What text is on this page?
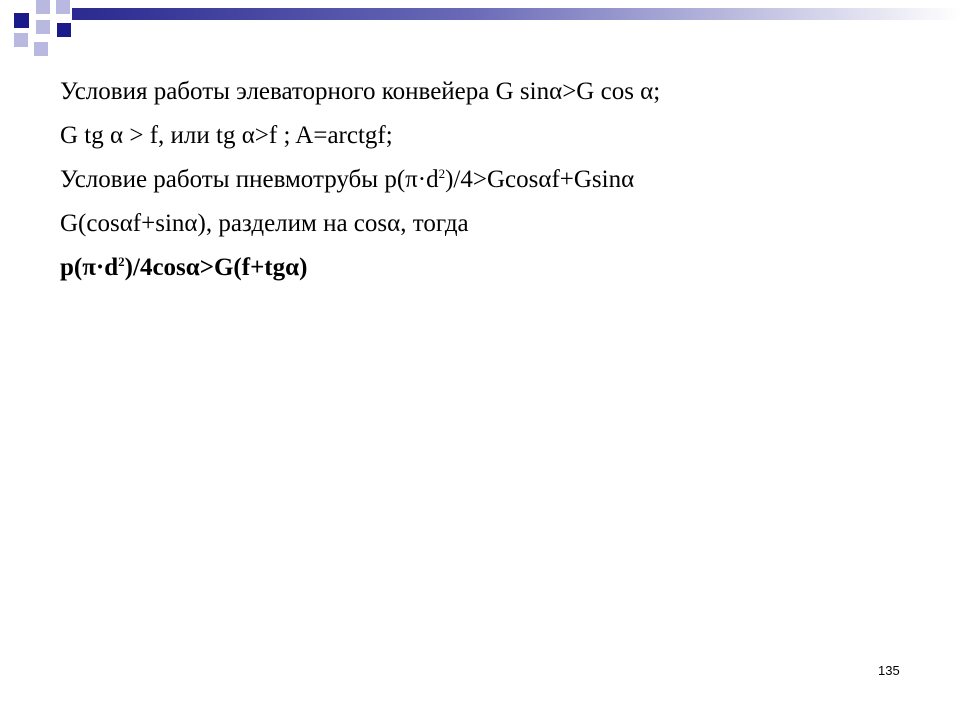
Условия работы элеваторного конвейера G sinα>G cos α;
G tg α > f, или tg α>f ; A=arctgf;
Условие работы пневмотрубы $p(\pi\cdot d^2)/4>Gcos\alpha f+Gsin\alpha$
G(cosαf+sinα), разделим на cosα, тогда
$p(\pi\cdot d^2)/4\cos\alpha>G(f+tg\alpha)$
135
